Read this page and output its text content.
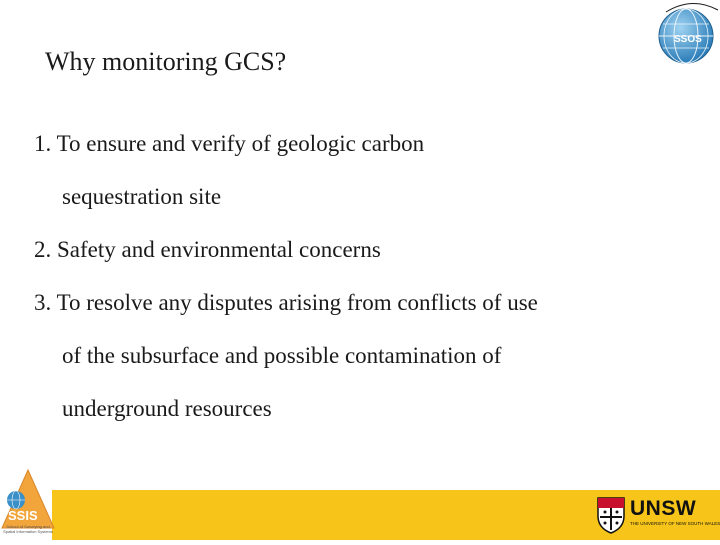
Why monitoring GCS?

1. To ensure and verify of geologic carbon
sequestration site

2. Safety and environmental concerns

3. To resolve any disputes arising from conflicts of use
of the subsurface and possible contamination of
underground resources

SSOS
SSIS
School of Surveying and Spatial Information Systems
UNSW
THE UNIVERSITY OF NEW SOUTH WALES
